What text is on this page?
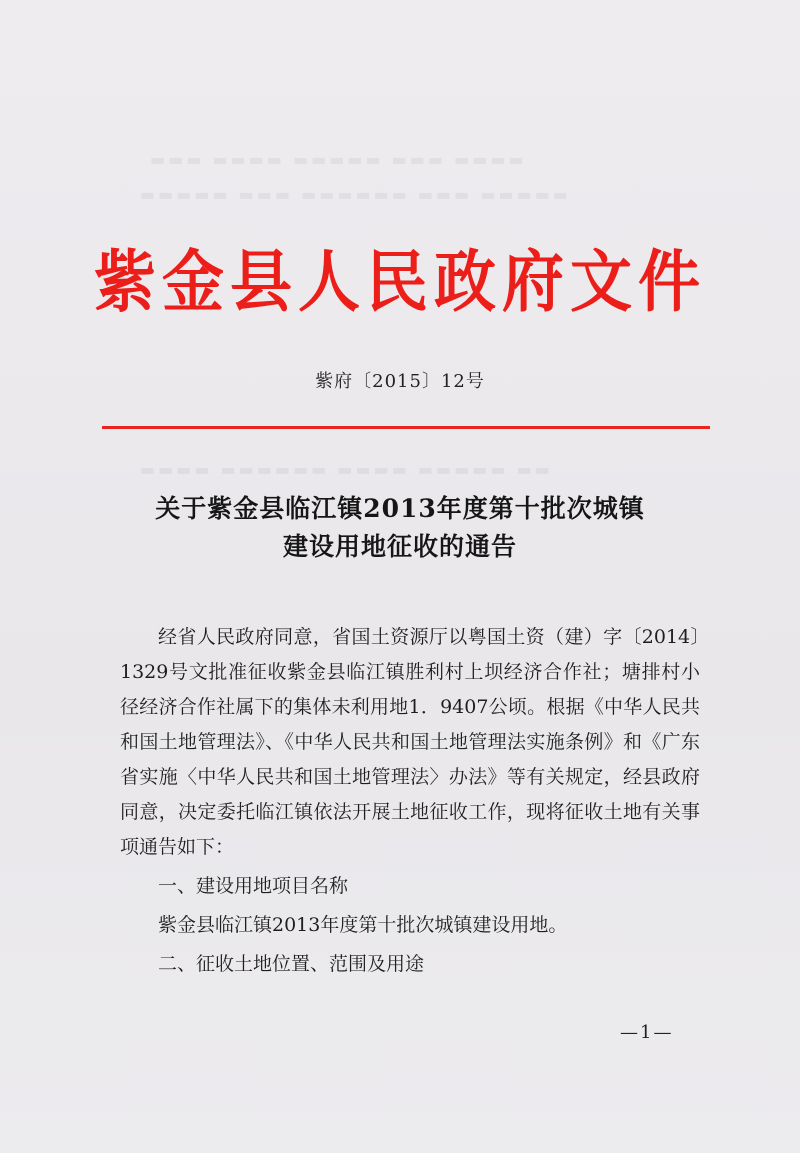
▬▬▬ ▬▬▬▬ ▬▬▬▬▬ ▬▬▬ ▬▬▬▬
▬▬▬▬▬ ▬▬▬ ▬▬▬▬▬▬ ▬▬▬ ▬▬▬▬▬
▬▬▬▬ ▬▬▬▬▬▬ ▬▬▬▬ ▬▬▬▬▬ ▬▬
紫金县人民政府文件
紫府〔2015〕12号
关于紫金县临江镇2013年度第十批次城镇
建设用地征收的通告

经省人民政府同意，省国土资源厅以粤国土资（建）字〔2014〕1329号文批准征收紫金县临江镇胜利村上坝经济合作社；塘排村小径经济合作社属下的集体未利用地1．9407公顷。根据《中华人民共和国土地管理法》、《中华人民共和国土地管理法实施条例》和《广东省实施〈中华人民共和国土地管理法〉办法》等有关规定，经县政府同意，决定委托临江镇依法开展土地征收工作，现将征收土地有关事项通告如下：

一、建设用地项目名称

紫金县临江镇2013年度第十批次城镇建设用地。

二、征收土地位置、范围及用途

—1—
